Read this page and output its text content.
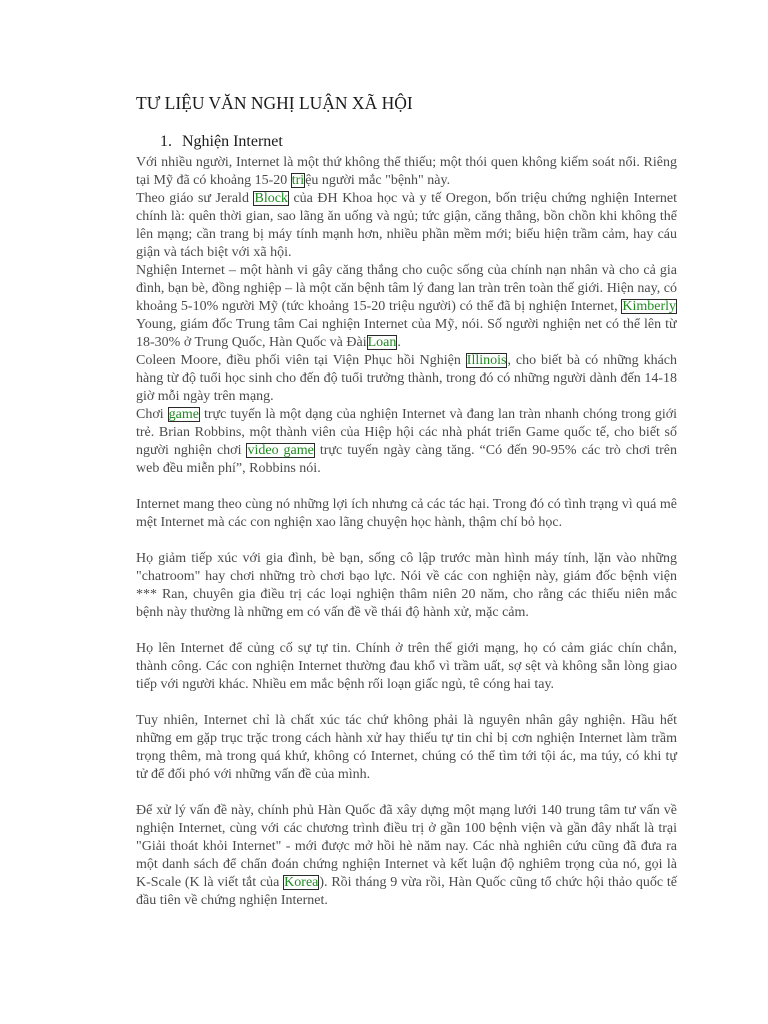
TƯ LIỆU VĂN NGHỊ LUẬN XÃ HỘI
1. Nghiện Internet

Với nhiều người, Internet là một thứ không thể thiếu; một thói quen không kiếm soát nổi. Riêng tại Mỹ đã có khoảng 15-20 triệu người mắc "bệnh" này.

Theo giáo sư Jerald Block của ĐH Khoa học và y tế Oregon, bốn triệu chứng nghiện Internet chính là: quên thời gian, sao lãng ăn uống và ngủ; tức giận, căng thẳng, bồn chồn khi không thể lên mạng; cần trang bị máy tính mạnh hơn, nhiều phần mềm mới; biếu hiện trầm cảm, hay cáu giận và tách biệt với xã hội.

Nghiện Internet – một hành vi gây căng thắng cho cuộc sống của chính nạn nhân và cho cả gia đình, bạn bè, đồng nghiệp – là một căn bệnh tâm lý đang lan tràn trên toàn thế giới. Hiện nay, có khoảng 5-10% người Mỹ (tức khoảng 15-20 triệu người) có thể đã bị nghiện Internet, Kimberly Young, giám đốc Trung tâm Cai nghiện Internet của Mỹ, nói. Số người nghiện net có thể lên từ 18-30% ở Trung Quốc, Hàn Quốc và ĐàiLoan.

Coleen Moore, điều phối viên tại Viện Phục hồi Nghiện Illinois, cho biết bà có những khách hàng từ độ tuổi học sinh cho đến độ tuổi trưởng thành, trong đó có những người dành đến 14-18 giờ mỗi ngày trên mạng.

Chơi game trực tuyến là một dạng của nghiện Internet và đang lan tràn nhanh chóng trong giới trẻ. Brian Robbins, một thành viên của Hiệp hội các nhà phát triển Game quốc tế, cho biết số người nghiện chơi video game trực tuyến ngày càng tăng. “Có đến 90-95% các trò chơi trên web đều miễn phí”, Robbins nói.

Internet mang theo cùng nó những lợi ích nhưng cả các tác hại. Trong đó có tình trạng vì quá mê mệt Internet mà các con nghiện xao lãng chuyện học hành, thậm chí bỏ học.

Họ giảm tiếp xúc với gia đình, bè bạn, sống cô lập trước màn hình máy tính, lặn vào những "chatroom" hay chơi những trò chơi bạo lực. Nói về các con nghiện này, giám đốc bệnh viện *** Ran, chuyên gia điều trị các loại nghiện thâm niên 20 năm, cho rằng các thiếu niên mắc bệnh này thường là những em có vấn đề về thái độ hành xử, mặc cảm.

Họ lên Internet để củng cố sự tự tin. Chính ở trên thế giới mạng, họ có cảm giác chín chắn, thành công. Các con nghiện Internet thường đau khổ vì trầm uất, sợ sệt và không sẵn lòng giao tiếp với người khác. Nhiều em mắc bệnh rối loạn giấc ngủ, tê cóng hai tay.

Tuy nhiên, Internet chỉ là chất xúc tác chứ không phải là nguyên nhân gây nghiện. Hầu hết những em gặp trục trặc trong cách hành xử hay thiếu tự tin chỉ bị cơn nghiện Internet làm trầm trọng thêm, mà trong quá khứ, không có Internet, chúng có thể tìm tới tội ác, ma túy, có khi tự tử để đối phó với những vấn đề của mình.

Để xử lý vấn đề này, chính phủ Hàn Quốc đã xây dựng một mạng lưới 140 trung tâm tư vấn về nghiện Internet, cùng với các chương trình điều trị ở gần 100 bệnh viện và gần đây nhất là trại "Giải thoát khỏi Internet" - mới được mở hồi hè năm nay. Các nhà nghiên cứu cũng đã đưa ra một danh sách để chẩn đoán chứng nghiện Internet và kết luận độ nghiêm trọng của nó, gọi là K-Scale (K là viết tắt của Korea). Rồi tháng 9 vừa rồi, Hàn Quốc cũng tổ chức hội thảo quốc tế đầu tiên về chứng nghiện Internet.
